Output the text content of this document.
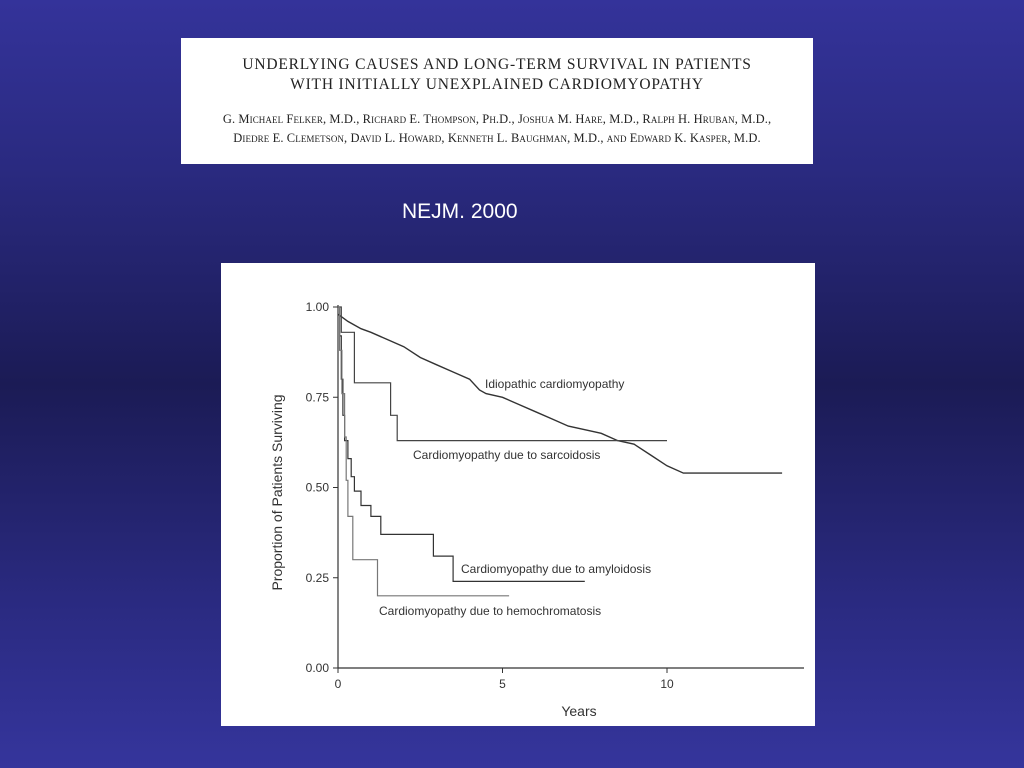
UNDERLYING CAUSES AND LONG-TERM SURVIVAL IN PATIENTS
WITH INITIALLY UNEXPLAINED CARDIOMYOPATHY
G. Michael Felker, M.D., Richard E. Thompson, Ph.D., Joshua M. Hare, M.D., Ralph H. Hruban, M.D.,
Diedre E. Clemetson, David L. Howard, Kenneth L. Baughman, M.D., and Edward K. Kasper, M.D.
NEJM. 2000
0.00
0.25
0.50
0.75
1.00
0	5	10
Years
Proportion of Patients Surviving
Idiopathic cardiomyopathy
Cardiomyopathy due to sarcoidosis
Cardiomyopathy due to amyloidosis
Cardiomyopathy due to hemochromatosis
